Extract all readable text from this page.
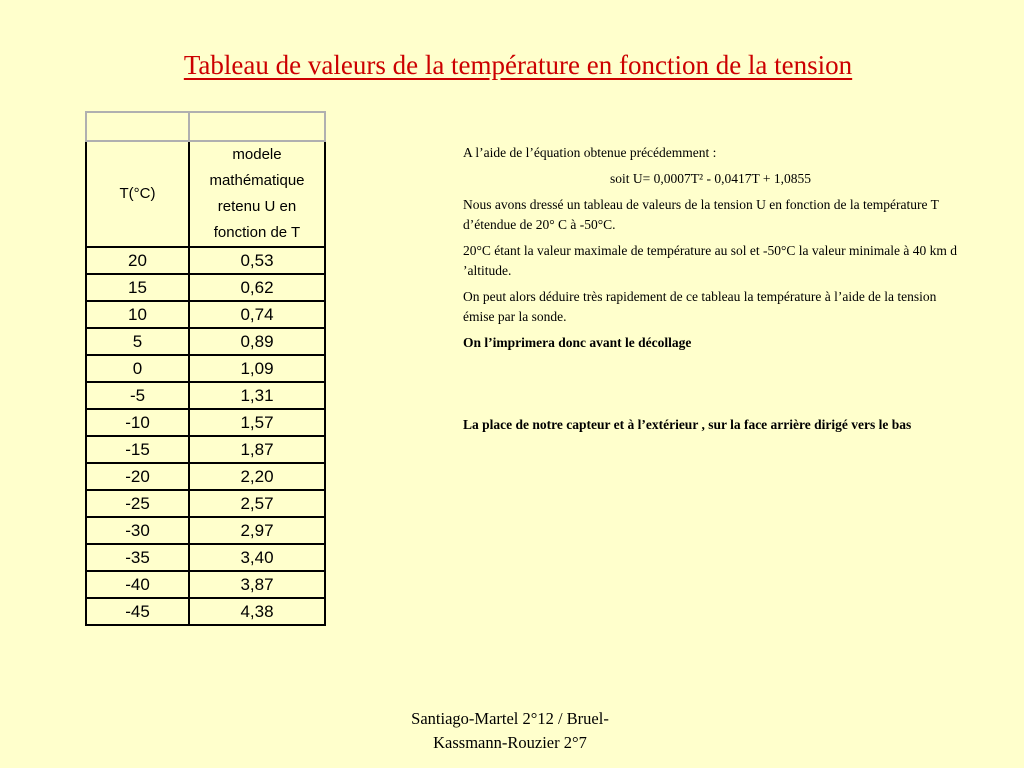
Tableau de valeurs de la température en fonction de la tension

T(°C)	modele
mathématique
retenu U en
fonction de T

20	0,53
15	0,62
10	0,74
5	0,89
0	1,09
-5	1,31
-10	1,57
-15	1,87
-20	2,20
-25	2,57
-30	2,97
-35	3,40
-40	3,87
-45	4,38

A l’aide de l’équation obtenue précédemment :

soit U= 0,0007T² - 0,0417T + 1,0855

Nous avons dressé un tableau de valeurs de la tension U en fonction de la température T d’étendue de 20° C à -50°C.

20°C étant la valeur maximale de température au sol et -50°C la valeur minimale à 40 km d ’altitude.

On peut alors déduire très rapidement de ce tableau la température à l’aide de la tension émise par la sonde.

On l’imprimera donc avant le décollage

La place de notre capteur et à l’extérieur , sur la face arrière dirigé vers le bas

Santiago-Martel 2°12 / Bruel-
Kassmann-Rouzier 2°7
